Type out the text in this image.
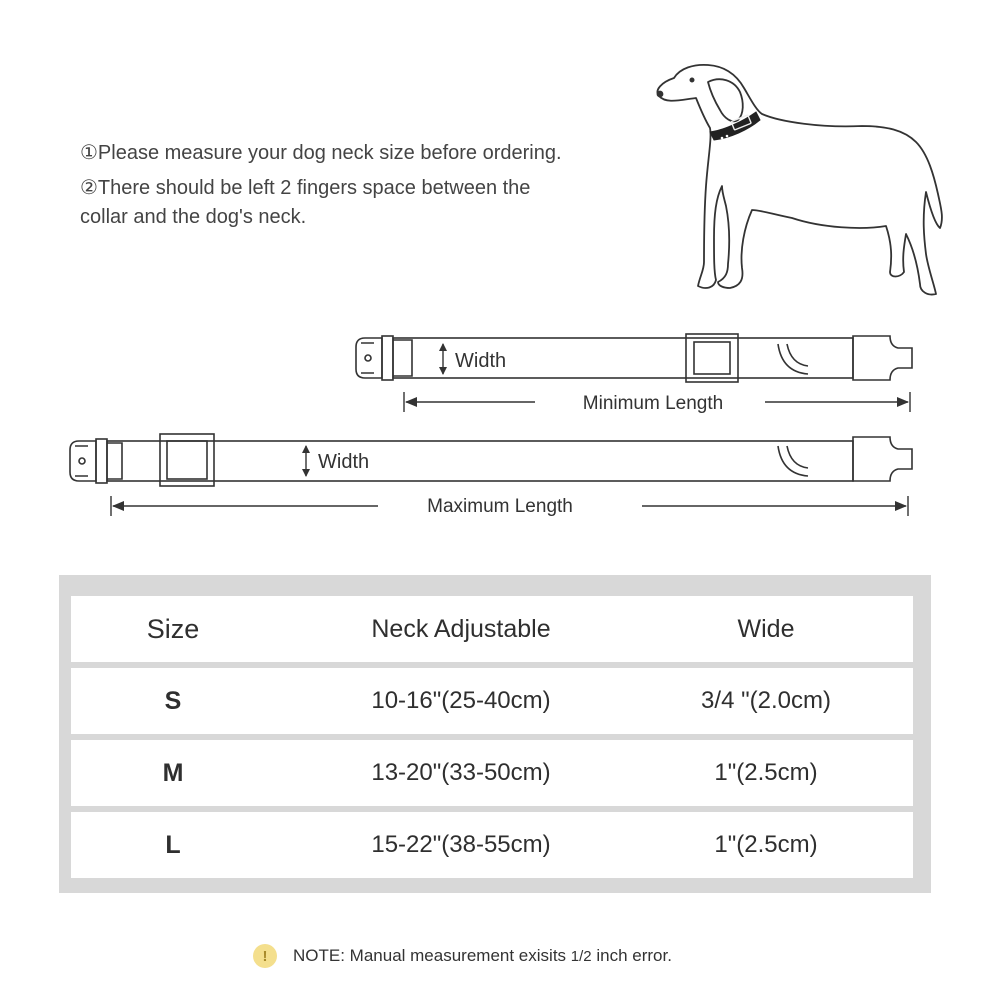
①Please measure your dog neck size before ordering.
②There should be left 2 fingers space between the
collar and the dog's neck.
Width
Minimum Length
Width
Maximum Length
Size	Neck Adjustable	Wide
S	10-16"(25-40cm)	3/4 "(2.0cm)
M	13-20"(33-50cm)	1"(2.5cm)
L	15-22"(38-55cm)	1"(2.5cm)
!	NOTE: Manual measurement exisits 1/2 inch error.
